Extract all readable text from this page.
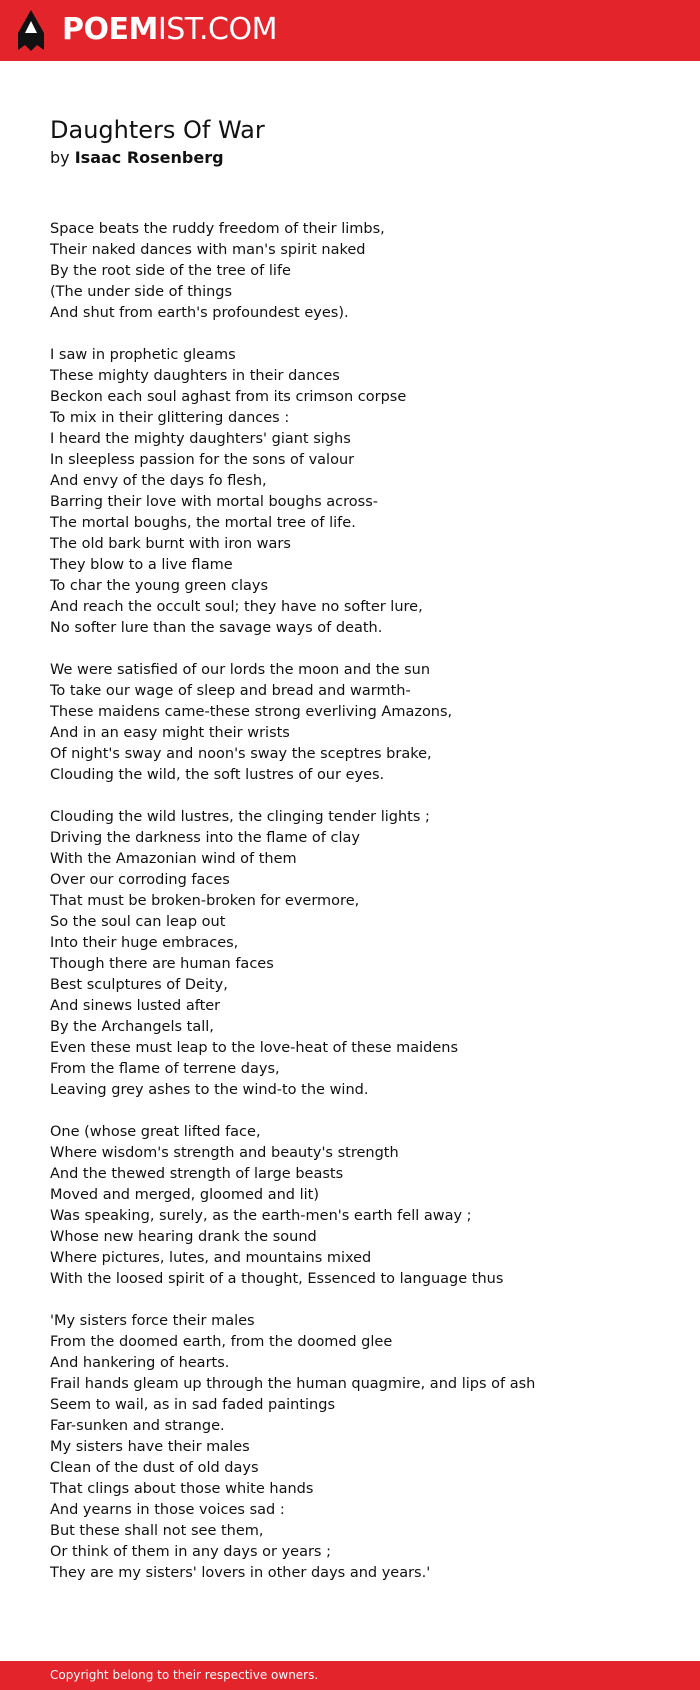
POEMIST.COM
Daughters Of War
by Isaac Rosenberg
Space beats the ruddy freedom of their limbs,
Their naked dances with man's spirit naked
By the root side of the tree of life
(The under side of things
And shut from earth's profoundest eyes).
I saw in prophetic gleams
These mighty daughters in their dances
Beckon each soul aghast from its crimson corpse
To mix in their glittering dances :
I heard the mighty daughters' giant sighs
In sleepless passion for the sons of valour
And envy of the days fo flesh,
Barring their love with mortal boughs across-
The mortal boughs, the mortal tree of life.
The old bark burnt with iron wars
They blow to a live flame
To char the young green clays
And reach the occult soul; they have no softer lure,
No softer lure than the savage ways of death.
We were satisfied of our lords the moon and the sun
To take our wage of sleep and bread and warmth-
These maidens came-these strong everliving Amazons,
And in an easy might their wrists
Of night's sway and noon's sway the sceptres brake,
Clouding the wild, the soft lustres of our eyes.
Clouding the wild lustres, the clinging tender lights ;
Driving the darkness into the flame of clay
With the Amazonian wind of them
Over our corroding faces
That must be broken-broken for evermore,
So the soul can leap out
Into their huge embraces,
Though there are human faces
Best sculptures of Deity,
And sinews lusted after
By the Archangels tall,
Even these must leap to the love-heat of these maidens
From the flame of terrene days,
Leaving grey ashes to the wind-to the wind.
One (whose great lifted face,
Where wisdom's strength and beauty's strength
And the thewed strength of large beasts
Moved and merged, gloomed and lit)
Was speaking, surely, as the earth-men's earth fell away ;
Whose new hearing drank the sound
Where pictures, lutes, and mountains mixed
With the loosed spirit of a thought, Essenced to language thus
'My sisters force their males
From the doomed earth, from the doomed glee
And hankering of hearts.
Frail hands gleam up through the human quagmire, and lips of ash
Seem to wail, as in sad faded paintings
Far-sunken and strange.
My sisters have their males
Clean of the dust of old days
That clings about those white hands
And yearns in those voices sad :
But these shall not see them,
Or think of them in any days or years ;
They are my sisters' lovers in other days and years.'
Copyright belong to their respective owners.
